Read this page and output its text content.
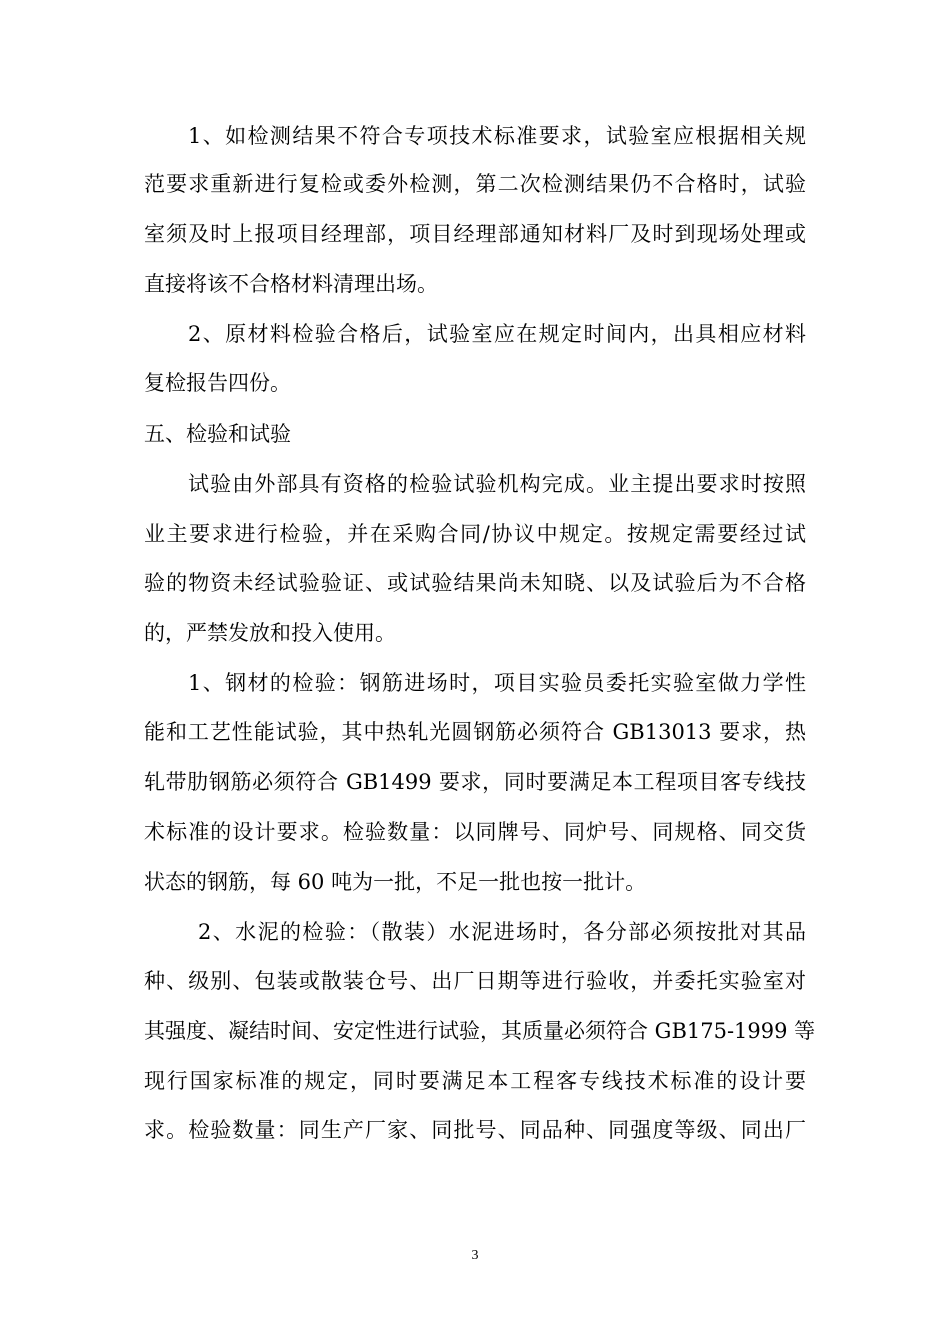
1、如检测结果不符合专项技术标准要求，试验室应根据相关规
范要求重新进行复检或委外检测，第二次检测结果仍不合格时，试验
室须及时上报项目经理部，项目经理部通知材料厂及时到现场处理或
直接将该不合格材料清理出场。
2、原材料检验合格后，试验室应在规定时间内，出具相应材料
复检报告四份。
五、检验和试验
试验由外部具有资格的检验试验机构完成。业主提出要求时按照
业主要求进行检验，并在采购合同/协议中规定。按规定需要经过试
验的物资未经试验验证、或试验结果尚未知晓、以及试验后为不合格
的，严禁发放和投入使用。
1、钢材的检验：钢筋进场时，项目实验员委托实验室做力学性
能和工艺性能试验，其中热轧光圆钢筋必须符合 GB13013 要求，热
轧带肋钢筋必须符合 GB1499 要求，同时要满足本工程项目客专线技
术标准的设计要求。检验数量：以同牌号、同炉号、同规格、同交货
状态的钢筋，每 60 吨为一批，不足一批也按一批计。
2、水泥的检验：（散装）水泥进场时，各分部必须按批对其品
种、级别、包装或散装仓号、出厂日期等进行验收，并委托实验室对
其强度、凝结时间、安定性进行试验，其质量必须符合 GB175-1999 等
现行国家标准的规定，同时要满足本工程客专线技术标准的设计要
求。检验数量：同生产厂家、同批号、同品种、同强度等级、同出厂
3
